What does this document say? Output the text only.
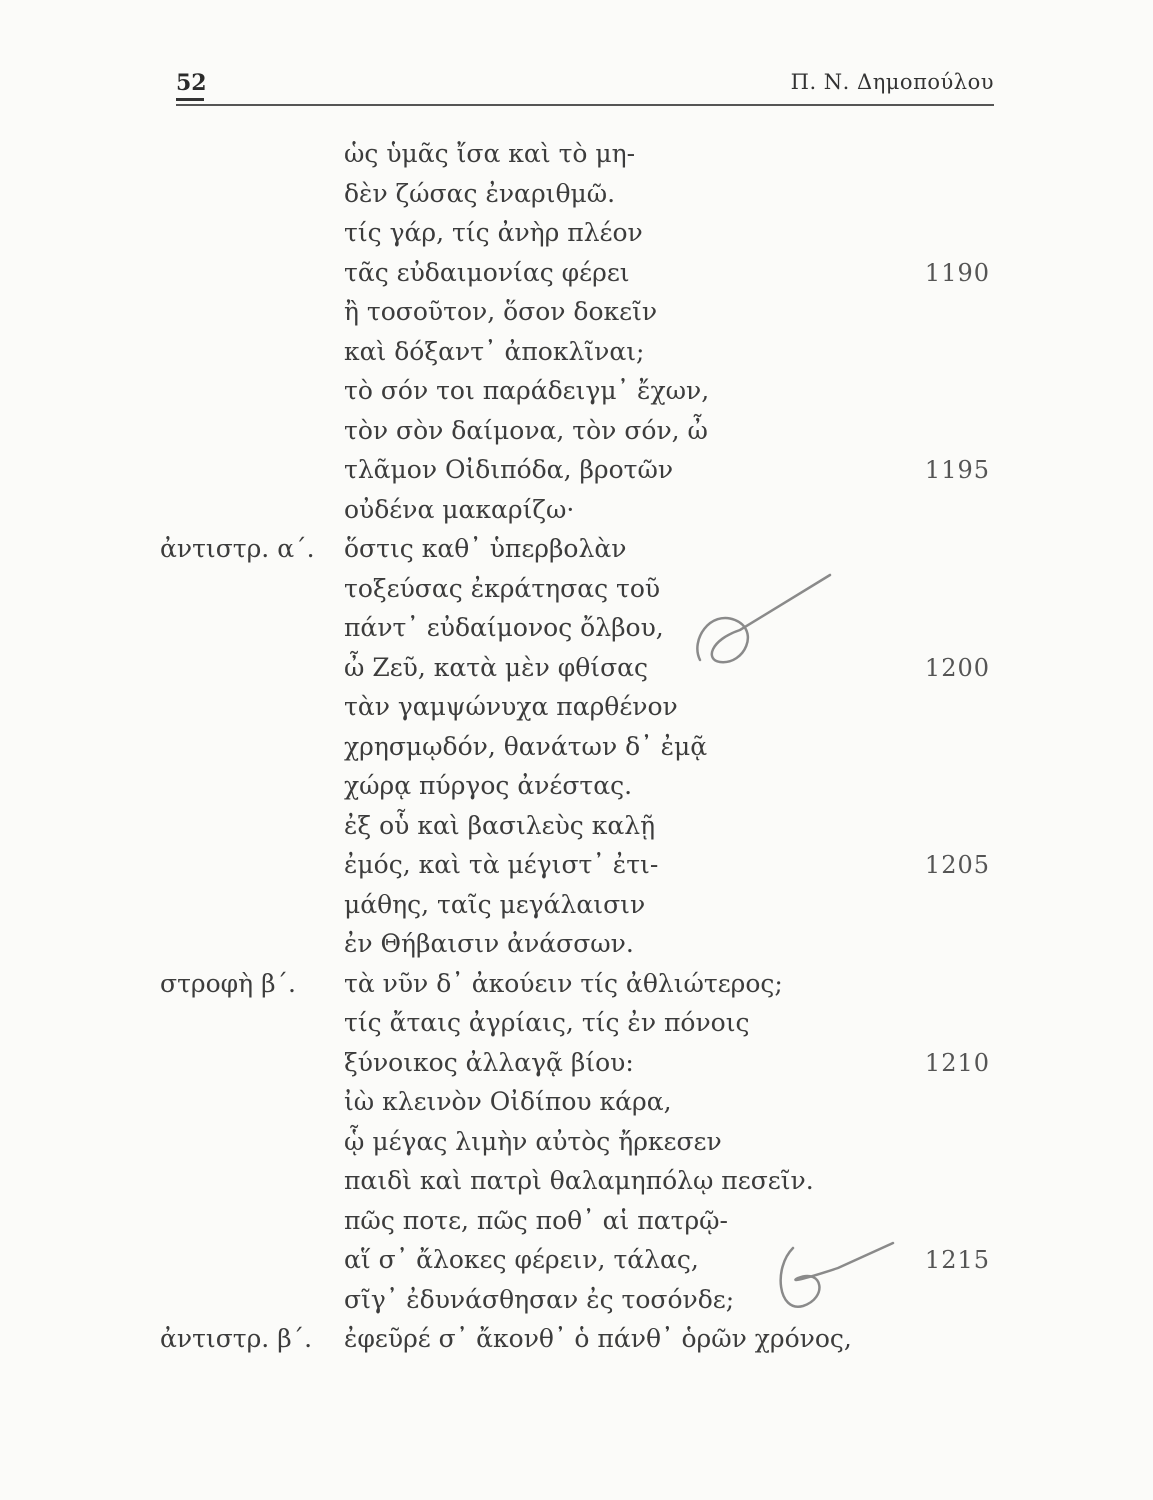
52	Π. Ν. Δημοπούλου
ὡς ὑμᾶς ἴσα καὶ τὸ μη-
δὲν ζώσας ἐναριθμῶ.
τίς γάρ, τίς ἀνὴρ πλέον
τᾶς εὐδαιμονίας φέρει	1190
ἢ τοσοῦτον, ὅσον δοκεῖν
καὶ δόξαντ᾽ ἀποκλῖναι;
τὸ σόν τοι παράδειγμ᾽ ἔχων,
τὸν σὸν δαίμονα, τὸν σόν, ὦ
τλᾶμον Οἰδιπόδα, βροτῶν	1195
οὐδένα μακαρίζω·
ἀντιστρ. α΄. ὅστις καθ᾽ ὑπερβολὰν
τοξεύσας ἐκράτησας τοῦ
πάντ᾽ εὐδαίμονος ὄλβου,
ὦ Ζεῦ, κατὰ μὲν φθίσας	1200
τὰν γαμψώνυχα παρθένον
χρησμῳδόν, θανάτων δ᾽ ἐμᾷ
χώρᾳ πύργος ἀνέστας.
ἐξ οὗ καὶ βασιλεὺς καλῇ
ἐμός, καὶ τὰ μέγιστ᾽ ἐτι-	1205
μάθης, ταῖς μεγάλαισιν
ἐν Θήβαισιν ἀνάσσων.
στροφὴ β΄. τὰ νῦν δ᾽ ἀκούειν τίς ἀθλιώτερος;
τίς ἄταις ἀγρίαις, τίς ἐν πόνοις
ξύνοικος ἀλλαγᾷ βίου:	1210
ἰὼ κλεινὸν Οἰδίπου κάρα,
ᾧ μέγας λιμὴν αὐτὸς ἤρκεσεν
παιδὶ καὶ πατρὶ θαλαμηπόλῳ πεσεῖν.
πῶς ποτε, πῶς ποθ᾽ αἱ πατρῷ-
αἵ σ᾽ ἄλοκες φέρειν, τάλας,	1215
σῖγ᾽ ἐδυνάσθησαν ἐς τοσόνδε;
ἀντιστρ. β΄. ἐφεῦρέ σ᾽ ἄκονθ᾽ ὁ πάνθ᾽ ὁρῶν χρόνος,
